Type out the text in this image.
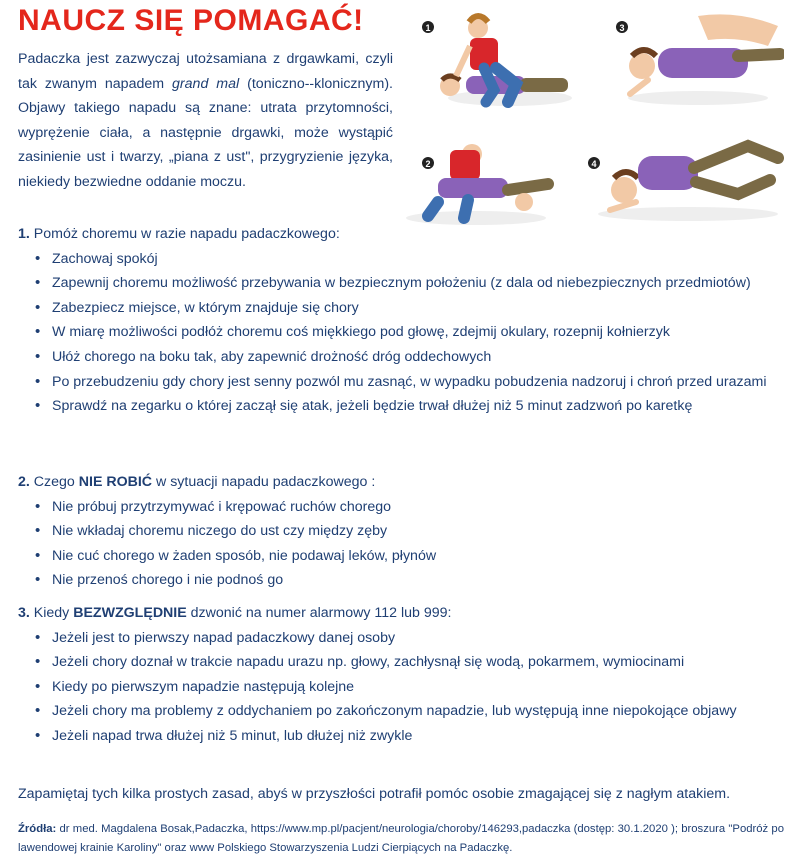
NAUCZ SIĘ POMAGAĆ!

Padaczka jest zazwyczaj utożsamiana z drgawkami, czyli tak zwanym napadem grand mal (toniczno--klonicznym). Objawy takiego napadu są znane: utrata przytomności, wyprężenie ciała, a następnie drgawki, może wystąpić zasinienie ust i twarzy, „piana z ust", przygryzienie języka, niekiedy bezwiedne oddanie moczu.

1	3
2	4

1. Pomóż choremu w razie napadu padaczkowego:

• Zachowaj spokój
• Zapewnij choremu możliwość przebywania w bezpiecznym położeniu (z dala od niebezpiecznych przedmiotów)
• Zabezpiecz miejsce, w którym znajduje się chory
• W miarę możliwości podłóż choremu coś miękkiego pod głowę, zdejmij okulary, rozepnij kołnierzyk
• Ułóż chorego na boku tak, aby zapewnić drożność dróg oddechowych
• Po przebudzeniu gdy chory jest senny pozwól mu zasnąć, w wypadku pobudzenia nadzoruj i chroń przed urazami
• Sprawdź na zegarku o której zaczął się atak, jeżeli będzie trwał dłużej niż 5 minut zadzwoń po karetkę

2. Czego NIE ROBIĆ w sytuacji napadu padaczkowego :

• Nie próbuj przytrzymywać i krępować ruchów chorego
• Nie wkładaj choremu niczego do ust czy między zęby
• Nie cuć chorego w żaden sposób, nie podawaj leków, płynów
• Nie przenoś chorego i nie podnoś go

3. Kiedy BEZWZGLĘDNIE dzwonić na numer alarmowy 112 lub 999:

• Jeżeli jest to pierwszy napad padaczkowy danej osoby
• Jeżeli chory doznał w trakcie napadu urazu np. głowy, zachłysnął się wodą, pokarmem, wymiocinami
• Kiedy po pierwszym napadzie następują kolejne
• Jeżeli chory ma problemy z oddychaniem po zakończonym napadzie, lub występują inne niepokojące objawy
• Jeżeli napad trwa dłużej niż 5 minut, lub dłużej niż zwykle

Zapamiętaj tych kilka prostych zasad, abyś w przyszłości potrafił pomóc osobie zmagającej się z nagłym atakiem.

Źródła: dr med. Magdalena Bosak,Padaczka, https://www.mp.pl/pacjent/neurologia/choroby/146293,padaczka (dostęp: 30.1.2020 ); broszura "Podróż po lawendowej krainie Karoliny" oraz www Polskiego Stowarzyszenia Ludzi Cierpiących na Padaczkę.
